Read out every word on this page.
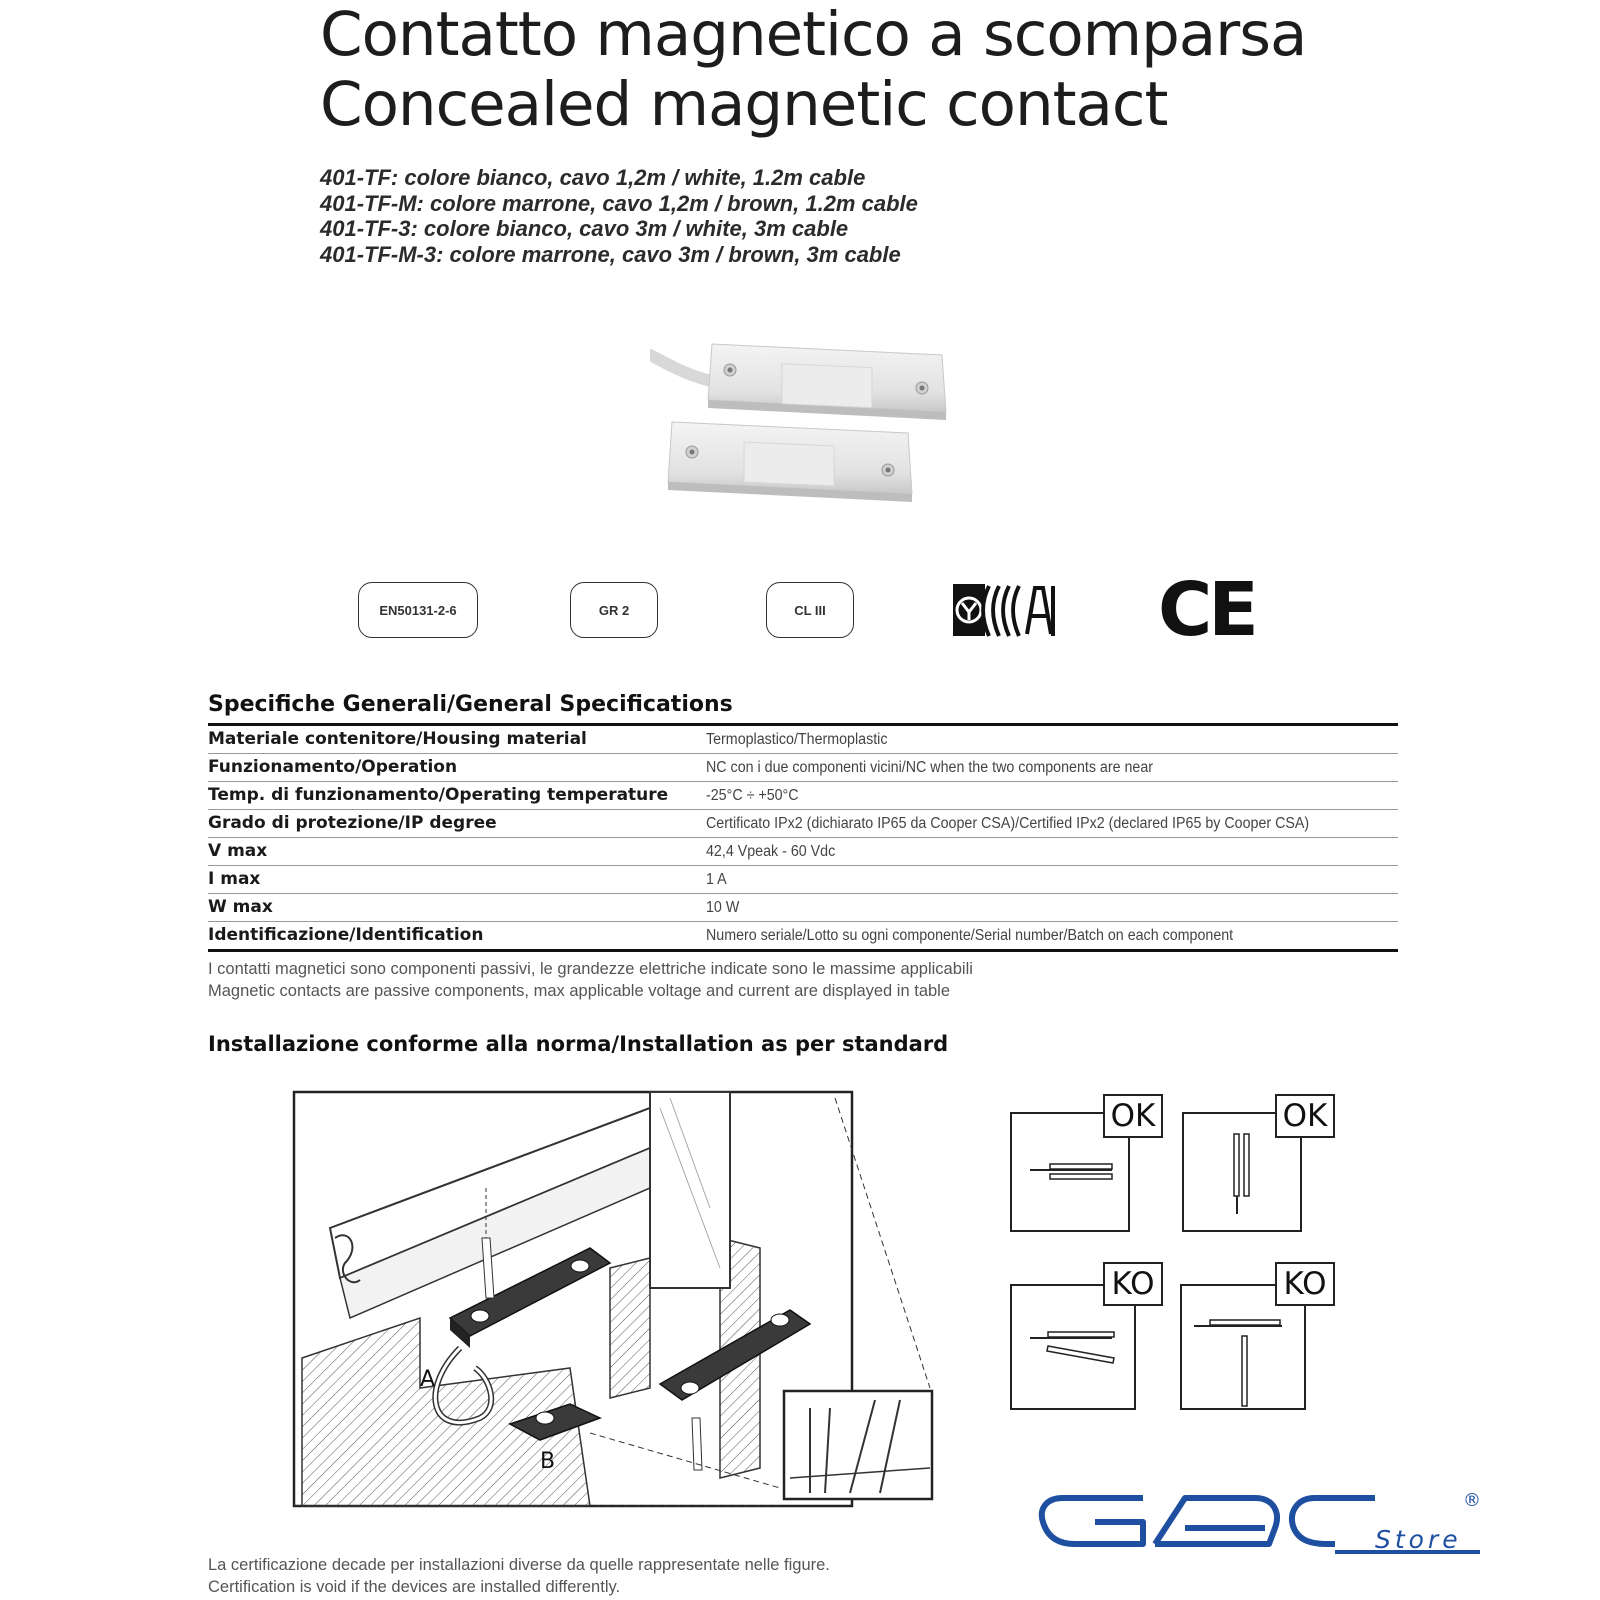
Contatto magnetico a scomparsa
Concealed magnetic contact
401-TF: colore bianco, cavo 1,2m / white, 1.2m cable
401-TF-M: colore marrone, cavo 1,2m / brown, 1.2m cable
401-TF-3: colore bianco, cavo 3m / white, 3m cable
401-TF-M-3: colore marrone, cavo 3m / brown, 3m cable
EN50131-2-6	GR 2	CL III	CE
Specifiche Generali/General Specifications
Materiale contenitore/Housing material	Termoplastico/Thermoplastic
Funzionamento/Operation	NC con i due componenti vicini/NC when the two components are near
Temp. di funzionamento/Operating temperature -25°C ÷ +50°C
Grado di protezione/IP degree	Certificato IPx2 (dichiarato IP65 da Cooper CSA)/Certified IPx2 (declared IP65 by Cooper CSA)
V max	42,4 Vpeak - 60 Vdc
I max	1 A
W max	10 W
Identificazione/Identification	Numero seriale/Lotto su ogni componente/Serial number/Batch on each component
I contatti magnetici sono componenti passivi, le grandezze elettriche indicate sono le massime applicabili
Magnetic contacts are passive components, max applicable voltage and current are displayed in table
Installazione conforme alla norma/Installation as per standard
A
B
OK	OK
KO	KO
Store
®
La certificazione decade per installazioni diverse da quelle rappresentate nelle figure.
Certification is void if the devices are installed differently.
